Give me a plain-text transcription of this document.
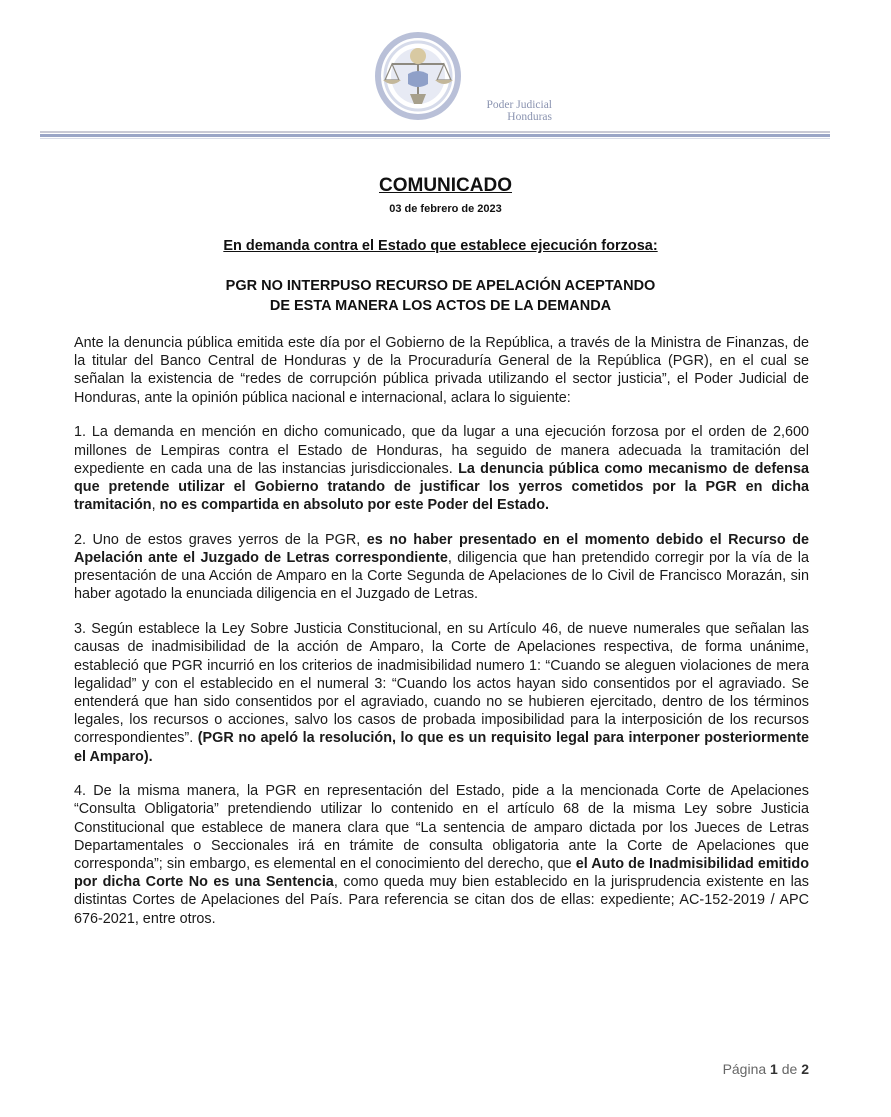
Poder Judicial
Honduras
COMUNICADO
03 de febrero de 2023
En demanda contra el Estado que establece ejecución forzosa:
PGR NO INTERPUSO RECURSO DE APELACIÓN ACEPTANDO
DE ESTA MANERA LOS ACTOS DE LA DEMANDA

Ante la denuncia pública emitida este día por el Gobierno de la República, a través de la Ministra de Finanzas, de la titular del Banco Central de Honduras y de la Procuraduría General de la República (PGR), en el cual se señalan la existencia de “redes de corrupción pública privada utilizando el sector justicia”, el Poder Judicial de Honduras, ante la opinión pública nacional e internacional, aclara lo siguiente:

1. La demanda en mención en dicho comunicado, que da lugar a una ejecución forzosa por el orden de 2,600 millones de Lempiras contra el Estado de Honduras, ha seguido de manera adecuada la tramitación del expediente en cada una de las instancias jurisdiccionales. La denuncia pública como mecanismo de defensa que pretende utilizar el Gobierno tratando de justificar los yerros cometidos por la PGR en dicha tramitación, no es compartida en absoluto por este Poder del Estado.

2. Uno de estos graves yerros de la PGR, es no haber presentado en el momento debido el Recurso de Apelación ante el Juzgado de Letras correspondiente, diligencia que han pretendido corregir por la vía de la presentación de una Acción de Amparo en la Corte Segunda de Apelaciones de lo Civil de Francisco Morazán, sin haber agotado la enunciada diligencia en el Juzgado de Letras.

3. Según establece la Ley Sobre Justicia Constitucional, en su Artículo 46, de nueve numerales que señalan las causas de inadmisibilidad de la acción de Amparo, la Corte de Apelaciones respectiva, de forma unánime, estableció que PGR incurrió en los criterios de inadmisibilidad numero 1: “Cuando se aleguen violaciones de mera legalidad” y con el establecido en el numeral 3: “Cuando los actos hayan sido consentidos por el agraviado. Se entenderá que han sido consentidos por el agraviado, cuando no se hubieren ejercitado, dentro de los términos legales, los recursos o acciones, salvo los casos de probada imposibilidad para la interposición de los recursos correspondientes”. (PGR no apeló la resolución, lo que es un requisito legal para interponer posteriormente el Amparo).

4. De la misma manera, la PGR en representación del Estado, pide a la mencionada Corte de Apelaciones “Consulta Obligatoria” pretendiendo utilizar lo contenido en el artículo 68 de la misma Ley sobre Justicia Constitucional que establece de manera clara que “La sentencia de amparo dictada por los Jueces de Letras Departamentales o Seccionales irá en trámite de consulta obligatoria ante la Corte de Apelaciones que corresponda”; sin embargo, es elemental en el conocimiento del derecho, que el Auto de Inadmisibilidad emitido por dicha Corte No es una Sentencia, como queda muy bien establecido en la jurisprudencia existente en las distintas Cortes de Apelaciones del País. Para referencia se citan dos de ellas: expediente; AC-152-2019 / APC 676-2021, entre otros.

Página 1 de 2
